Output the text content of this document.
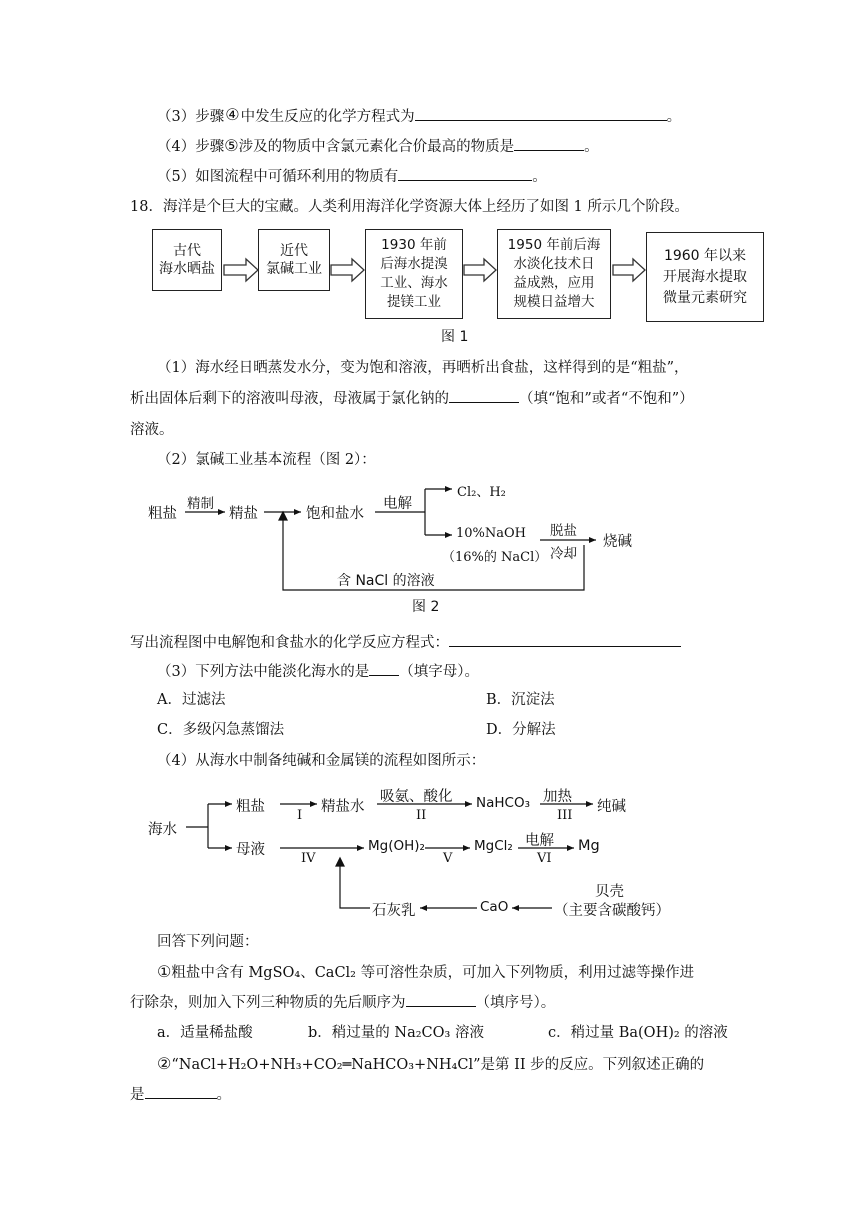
（3）步骤④中发生反应的化学方程式为	。
（4）步骤⑤涉及的物质中含氯元素化合价最高的物质是	。
（5）如图流程中可循环利用的物质有	。
18．海洋是个巨大的宝藏。人类利用海洋化学资源大体上经历了如图 1 所示几个阶段。
古代
海水晒盐
近代
氯碱工业
1930 年前
后海水提溴
工业、海水
提镁工业
1950 年前后海
水淡化技术日
益成熟，应用
规模日益增大
1960 年以来
开展海水提取
微量元素研究
图 1
（1）海水经日晒蒸发水分，变为饱和溶液，再晒析出食盐，这样得到的是“粗盐”，
析出固体后剩下的溶液叫母液，母液属于氯化钠的	（填“饱和”或者“不饱和”）
溶液。
（2）氯碱工业基本流程（图 2）：
粗盐
精制
精盐	饱和盐水
电解
Cl₂、H₂
10%NaOH
（16%的 NaCl）
脱盐
冷却
烧碱
含 NaCl 的溶液
图 2
写出流程图中电解饱和食盐水的化学反应方程式：
（3）下列方法中能淡化海水的是 （填字母）。
A．过滤法	B．沉淀法
C．多级闪急蒸馏法	D．分解法
（4）从海水中制备纯碱和金属镁的流程如图所示：
海水
粗盐
I
精盐水
吸氨、酸化
II
NaHCO₃ 加热
III
纯碱
母液
IV
Mg(OH)₂
V
MgCl₂ 电解
VI
Mg
贝壳
（主要含碳酸钙）
CaO
石灰乳
回答下列问题：
①粗盐中含有 MgSO₄、CaCl₂ 等可溶性杂质，可加入下列物质，利用过滤等操作进
行除杂，则加入下列三种物质的先后顺序为	（填序号）。
a．适量稀盐酸	b．稍过量的 Na₂CO₃ 溶液	c．稍过量 Ba(OH)₂ 的溶液
②“NaCl+H₂O+NH₃+CO₂═NaHCO₃+NH₄Cl”是第 II 步的反应。下列叙述正确的
是	。
